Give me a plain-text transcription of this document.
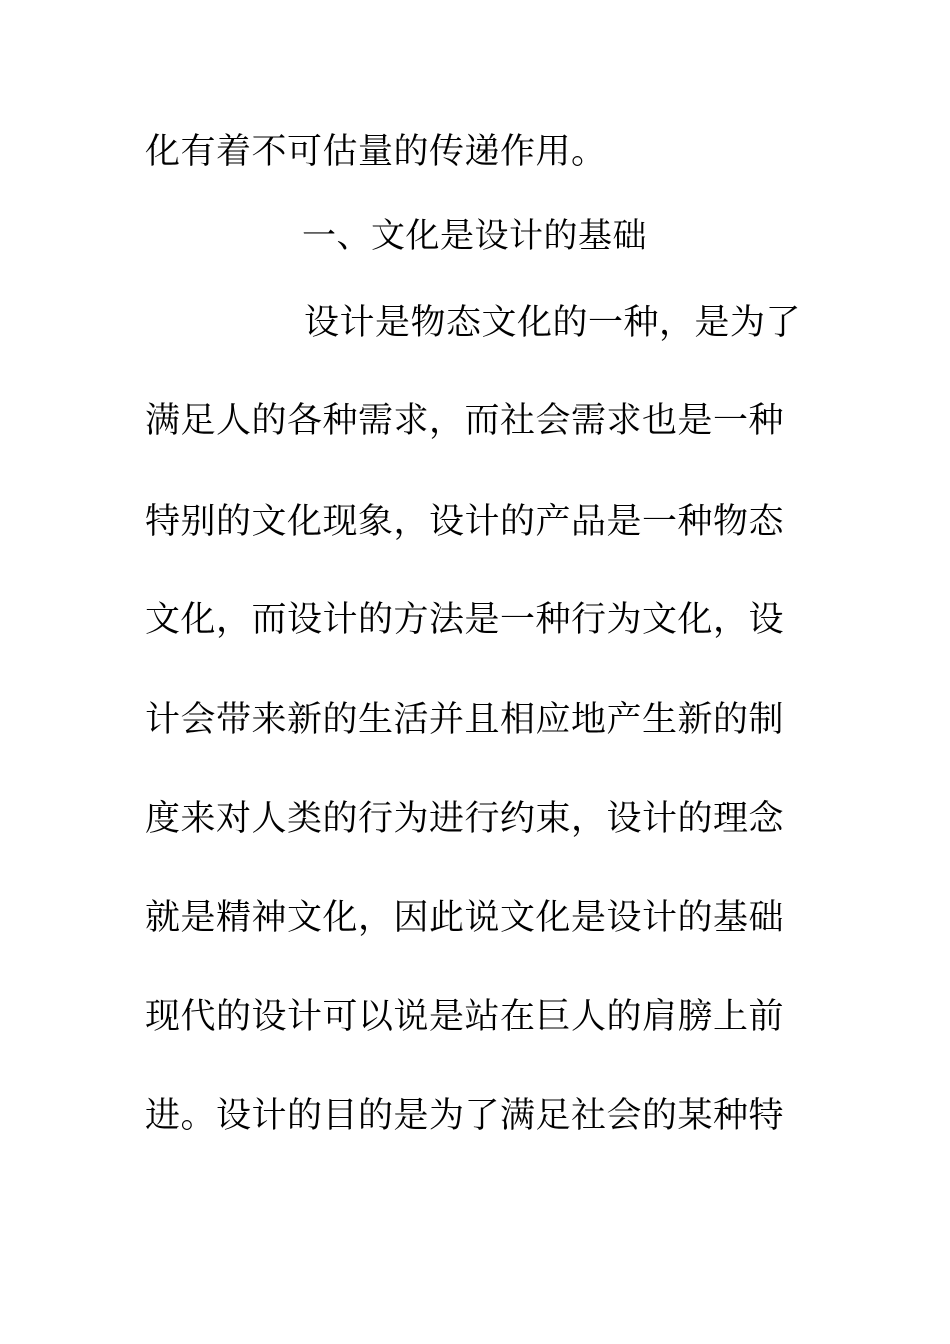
化有着不可估量的传递作用。
一、文化是设计的基础
设计是物态文化的一种，是为了
满足人的各种需求，而社会需求也是一种
特别的文化现象，设计的产品是一种物态
文化，而设计的方法是一种行为文化，设
计会带来新的生活并且相应地产生新的制
度来对人类的行为进行约束，设计的理念
就是精神文化，因此说文化是设计的基础
现代的设计可以说是站在巨人的肩膀上前
进。设计的目的是为了满足社会的某种特
